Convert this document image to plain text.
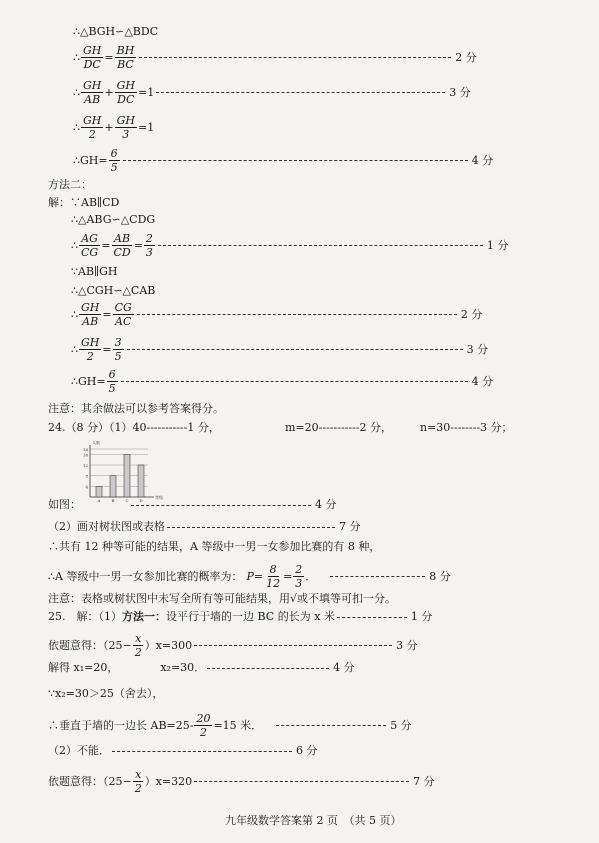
∴△BGH∽△BDC
∴ $\frac{GH}{DC} = \frac{BH}{BC}$	2 分
∴ $\frac{GH}{AB} + \frac{GH}{DC} =1$	3 分
∴ $\frac{GH}{2} + \frac{GH}{3} =1$
∴GH= $\frac{6}{5}$	4 分
方法二：
解：∵AB∥CD
∴△ABG∽△CDG
∴ $\frac{AG}{CG} = \frac{AB}{CD} = \frac{2}{3}$	1 分
∵AB∥GH
∴△CGH∽△CAB
∴ $\frac{GH}{AB} = \frac{CG}{AC}$	2 分
∴ $\frac{GH}{2} = \frac{3}{5}$	3 分
∴GH= $\frac{6}{5}$	4 分
注意：其余做法可以参考答案得分。
24.（8 分）（1）40-----------1 分，	m=20-----------2 分，	n=30--------3 分；
4
8
12
16
18
人数
等级
A	B	C	D
如图：	4 分
（2）画对树状图或表格	7 分
∴共有 12 种等可能的结果，A 等级中一男一女参加比赛的有 8 种，
∴A 等级中一男一女参加比赛的概率为： $P = \frac{8}{12} = \frac{2}{3}$ ．	8 分
注意：表格或树状图中未写全所有等可能结果，用√或不填等可扣一分。
25.　解：（1） 方法一： 设平行于墙的一边 BC 的长为 x 米	1 分
依题意得：$(25- \frac{x}{2} )x=300$	3 分
解得 x₁=20，	x₂=30．	4 分
∵x₂=30＞25（舍去），
∴垂直于墙的一边长 $AB=25- \frac{20}{2} =15$ 米．	5 分
（2）不能．	6 分
依题意得：$(25- \frac{x}{2} )x=320$	7 分
九年级数学答案第 2 页　（共 5 页）
